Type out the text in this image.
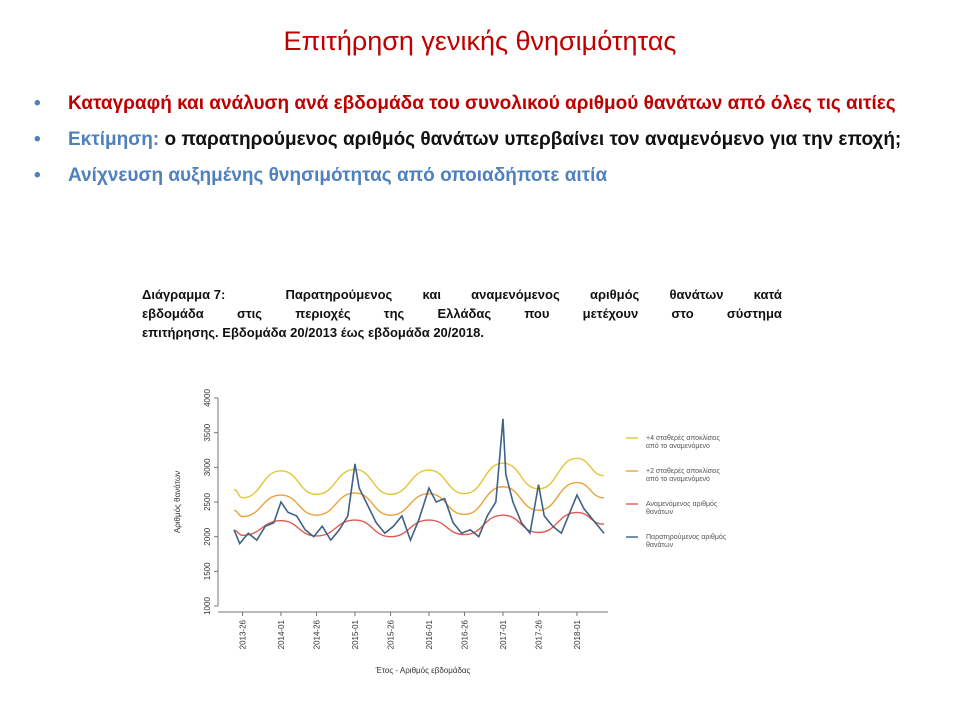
Επιτήρηση γενικής θνησιμότητας
• Καταγραφή και ανάλυση ανά εβδομάδα του συνολικού αριθμού θανάτων από όλες τις αιτίες
• Εκτίμηση: ο παρατηρούμενος αριθμός θανάτων υπερβαίνει τον αναμενόμενο για την εποχή;
• Ανίχνευση αυξημένης θνησιμότητας από οποιαδήποτε αιτία
Διάγραμμα 7:	Παρατηρούμενος και αναμενόμενος αριθμός θανάτων κατά
εβδομάδα	στις	περιοχές	της	Ελλάδας	που	μετέχουν	στο	σύστημα
επιτήρησης. Εβδομάδα 20/2013 έως εβδομάδα 20/2018.
1000
1500
2000
2500
3000
3500
4000
Αριθμός θανάτων
2013-26	2014-01	2014-26	2015-01	2015-26	2016-01	2016-26	2017-01	2017-26	2018-01
Έτος - Αριθμός εβδομάδας
+4 σταθερές αποκλίσεις
από το αναμενόμενο
+2 σταθερές αποκλίσεις
από το αναμενόμενο
Αναμενόμενος αριθμός
θανάτων
Παρατηρούμενος αριθμός
θανάτων
